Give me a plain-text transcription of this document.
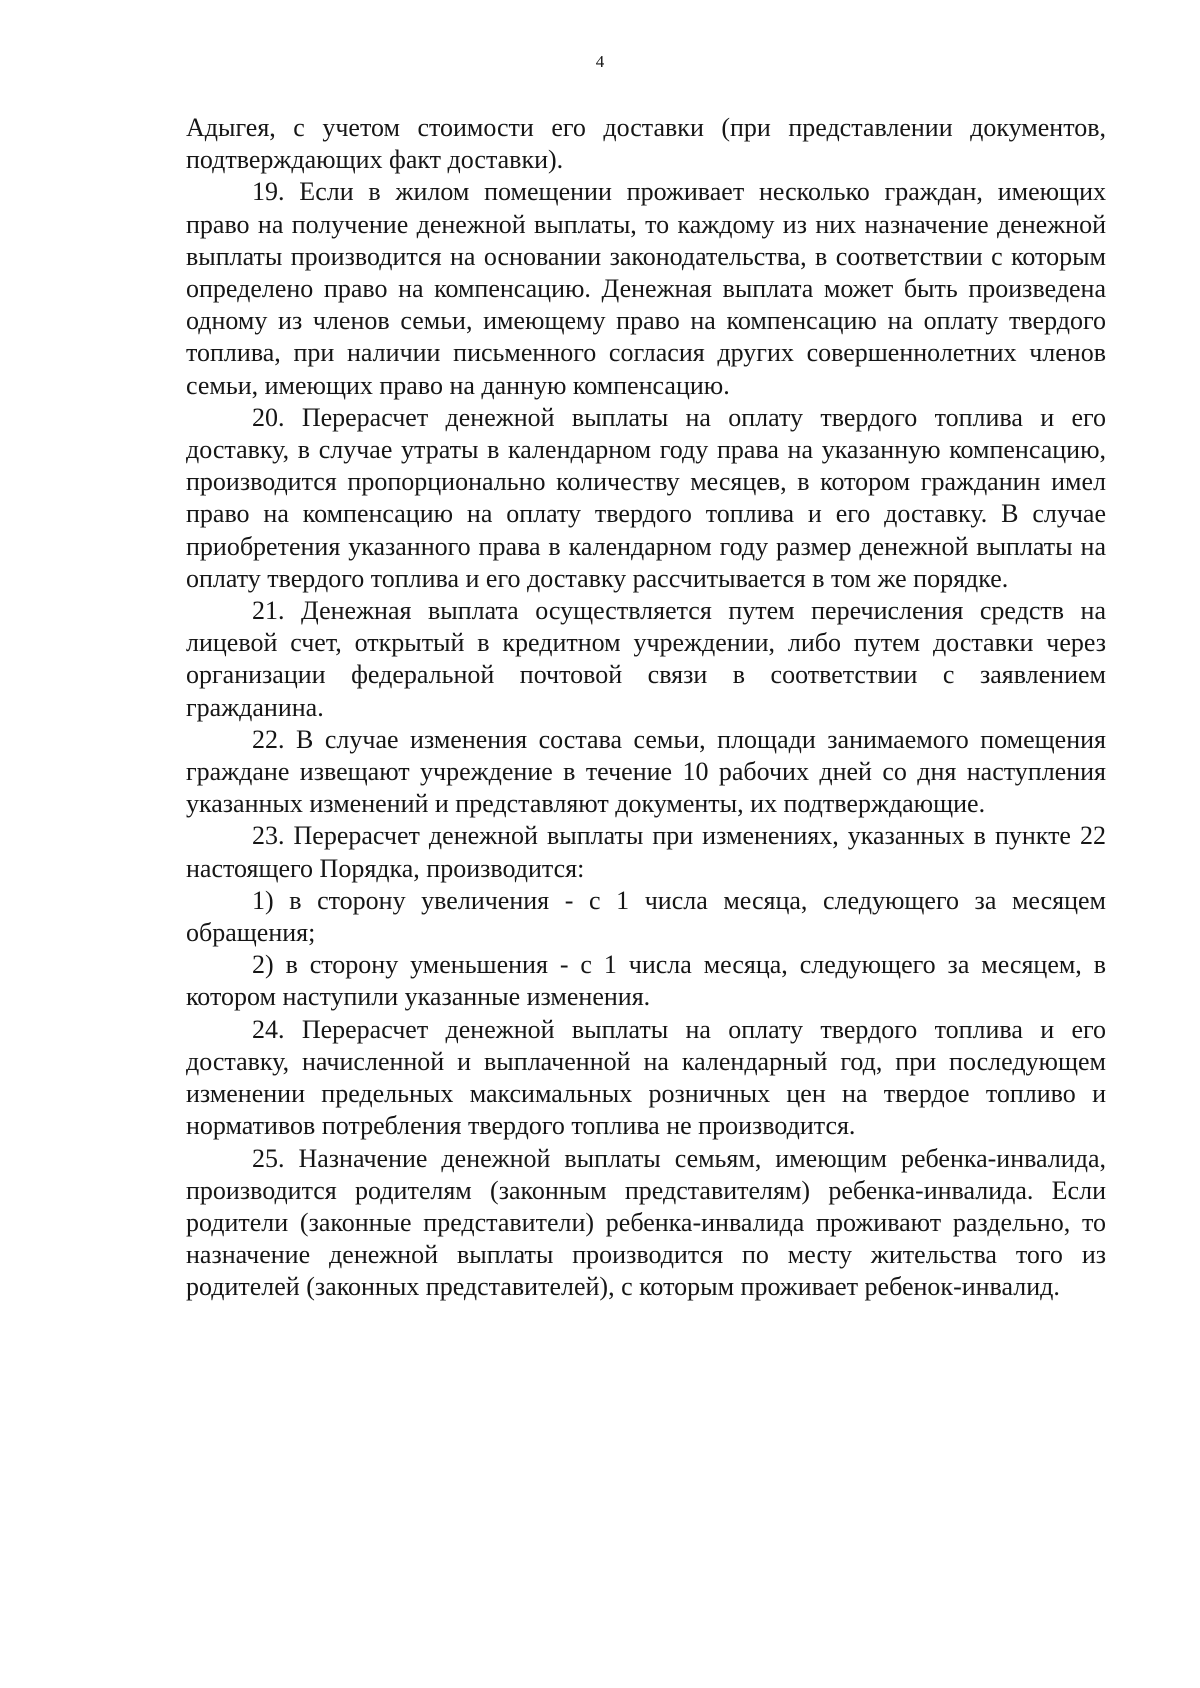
4

Адыгея, с учетом стоимости его доставки (при представлении документов, подтверждающих факт доставки).

19. Если в жилом помещении проживает несколько граждан, имеющих право на получение денежной выплаты, то каждому из них назначение денежной выплаты производится на основании законодательства, в соответствии с которым определено право на компенсацию. Денежная выплата может быть произведена одному из членов семьи, имеющему право на компенсацию на оплату твердого топлива, при наличии письменного согласия других совершеннолетних членов семьи, имеющих право на данную компенсацию.

20. Перерасчет денежной выплаты на оплату твердого топлива и его доставку, в случае утраты в календарном году права на указанную компенсацию, производится пропорционально количеству месяцев, в котором гражданин имел право на компенсацию на оплату твердого топлива и его доставку. В случае приобретения указанного права в календарном году размер денежной выплаты на оплату твердого топлива и его доставку рассчитывается в том же порядке.

21. Денежная выплата осуществляется путем перечисления средств на лицевой счет, открытый в кредитном учреждении, либо путем доставки через организации федеральной почтовой связи в соответствии с заявлением гражданина.

22. В случае изменения состава семьи, площади занимаемого помещения граждане извещают учреждение в течение 10 рабочих дней со дня наступления указанных изменений и представляют документы, их подтверждающие.

23. Перерасчет денежной выплаты при изменениях, указанных в пункте 22 настоящего Порядка, производится:

1) в сторону увеличения - с 1 числа месяца, следующего за месяцем обращения;

2) в сторону уменьшения - с 1 числа месяца, следующего за месяцем, в котором наступили указанные изменения.

24. Перерасчет денежной выплаты на оплату твердого топлива и его доставку, начисленной и выплаченной на календарный год, при последующем изменении предельных максимальных розничных цен на твердое топливо и нормативов потребления твердого топлива не производится.

25. Назначение денежной выплаты семьям, имеющим ребенка-инвалида, производится родителям (законным представителям) ребенка-инвалида. Если родители (законные представители) ребенка-инвалида проживают раздельно, то назначение денежной выплаты производится по месту жительства того из родителей (законных представителей), с которым проживает ребенок-инвалид.
